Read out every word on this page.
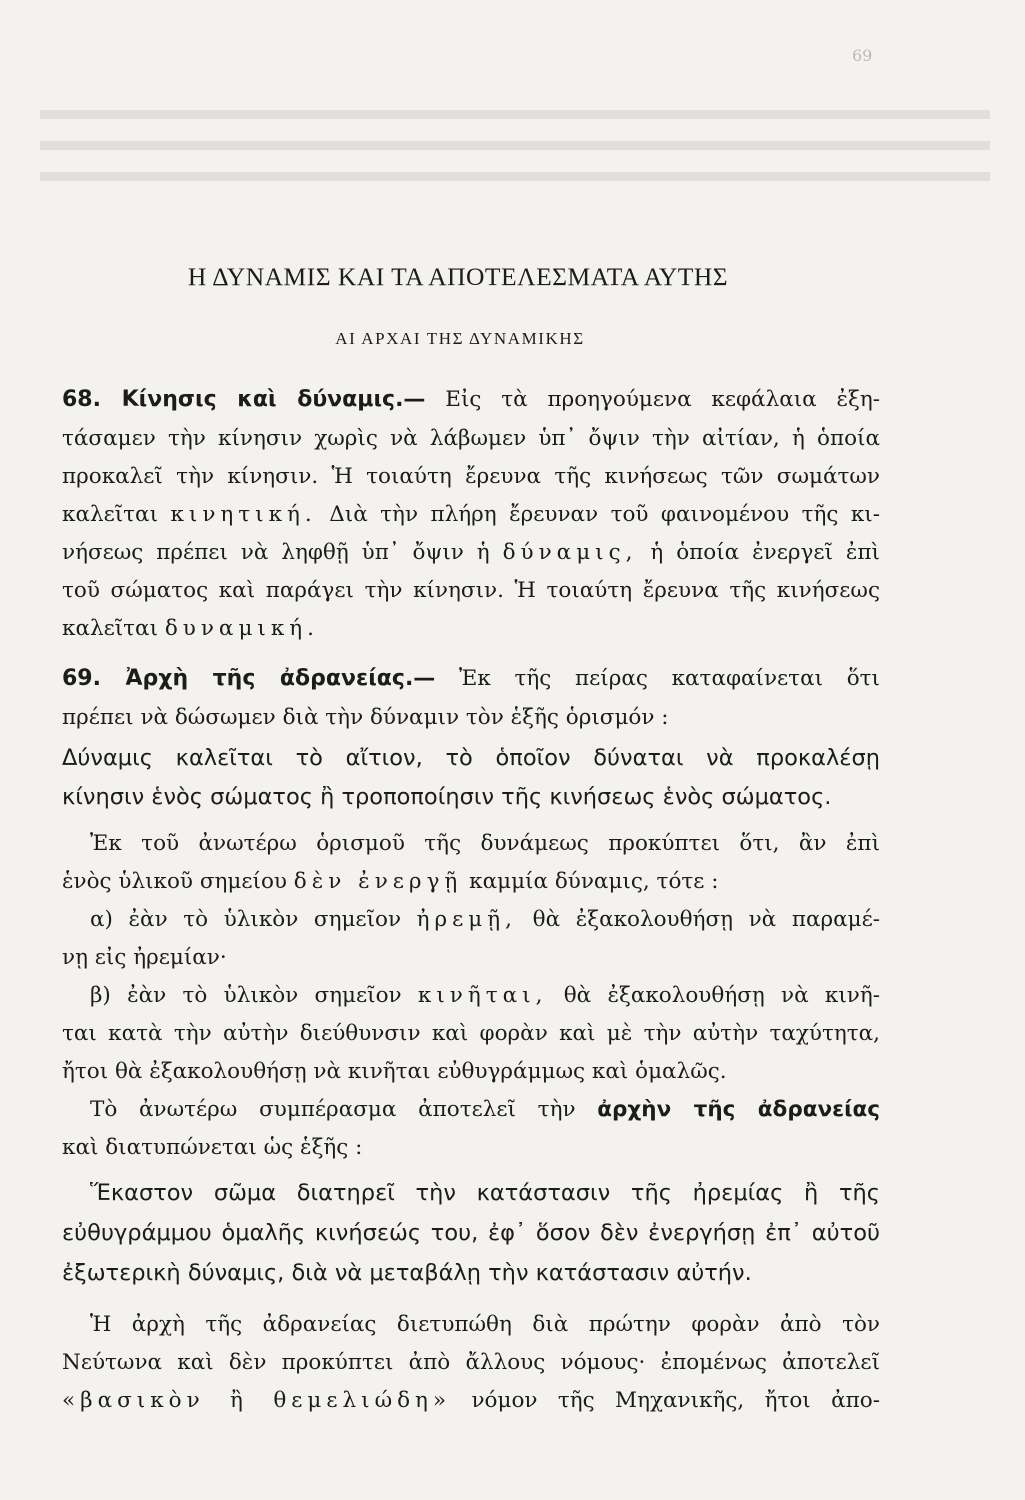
69
Η ΔΥΝΑΜΙΣ ΚΑΙ ΤΑ ΑΠΟΤΕΛΕΣΜΑΤΑ ΑΥΤΗΣ
ΑΙ ΑΡΧΑΙ ΤΗΣ ΔΥΝΑΜΙΚΗΣ
68. Κίνησις καὶ δύναμις.— Εἰς τὰ προηγούμενα κεφάλαια ἐξη-
τάσαμεν τὴν κίνησιν χωρὶς νὰ λάβωμεν ὑπ᾿ ὄψιν τὴν αἰτίαν, ἡ ὁποία
προκαλεῖ τὴν κίνησιν. Ἡ τοιαύτη ἔρευνα τῆς κινήσεως τῶν σωμάτων
καλεῖται κινητική. Διὰ τὴν πλήρη ἔρευναν τοῦ φαινομένου τῆς κι-
νήσεως πρέπει νὰ ληφθῇ ὑπ᾿ ὄψιν ἡ δύναμις, ἡ ὁποία ἐνεργεῖ ἐπὶ
τοῦ σώματος καὶ παράγει τὴν κίνησιν. Ἡ τοιαύτη ἔρευνα τῆς κινήσεως
καλεῖται δυναμική.
69. Ἀρχὴ τῆς ἀδρανείας.— Ἐκ τῆς πείρας καταφαίνεται ὅτι
πρέπει νὰ δώσωμεν διὰ τὴν δύναμιν τὸν ἑξῆς ὁρισμόν :
Δύναμις καλεῖται τὸ αἴτιον, τὸ ὁποῖον δύναται νὰ προκαλέσῃ
κίνησιν ἑνὸς σώματος ἢ τροποποίησιν τῆς κινήσεως ἑνὸς σώματος.
Ἐκ τοῦ ἀνωτέρω ὁρισμοῦ τῆς δυνάμεως προκύπτει ὅτι, ἂν ἐπὶ
ἑνὸς ὑλικοῦ σημείου δὲν ἐνεργῇ καμμία δύναμις, τότε :
α) ἐὰν τὸ ὑλικὸν σημεῖον ἠρεμῇ, θὰ ἐξακολουθήσῃ νὰ παραμέ-
νῃ εἰς ἠρεμίαν·
β) ἐὰν τὸ ὑλικὸν σημεῖον κινῆται, θὰ ἐξακολουθήσῃ νὰ κινῆ-
ται κατὰ τὴν αὐτὴν διεύθυνσιν καὶ φορὰν καὶ μὲ τὴν αὐτὴν ταχύτητα,
ἤτοι θὰ ἐξακολουθήσῃ νὰ κινῆται εὐθυγράμμως καὶ ὁμαλῶς.
Τὸ ἀνωτέρω συμπέρασμα ἀποτελεῖ τὴν ἀρχὴν τῆς ἀδρανείας
καὶ διατυπώνεται ὡς ἑξῆς :
Ἕκαστον σῶμα διατηρεῖ τὴν κατάστασιν τῆς ἠρεμίας ἢ τῆς
εὐθυγράμμου ὁμαλῆς κινήσεώς του, ἐφ᾿ ὅσον δὲν ἐνεργήσῃ ἐπ᾿ αὐτοῦ
ἐξωτερικὴ δύναμις, διὰ νὰ μεταβάλῃ τὴν κατάστασιν αὐτήν.
Ἡ ἀρχὴ τῆς ἀδρανείας διετυπώθη διὰ πρώτην φορὰν ἀπὸ τὸν
Νεύτωνα καὶ δὲν προκύπτει ἀπὸ ἄλλους νόμους· ἐπομένως ἀποτελεῖ
«βασικὸν ἢ θεμελιώδη» νόμον τῆς Μηχανικῆς, ἤτοι ἀπο-
